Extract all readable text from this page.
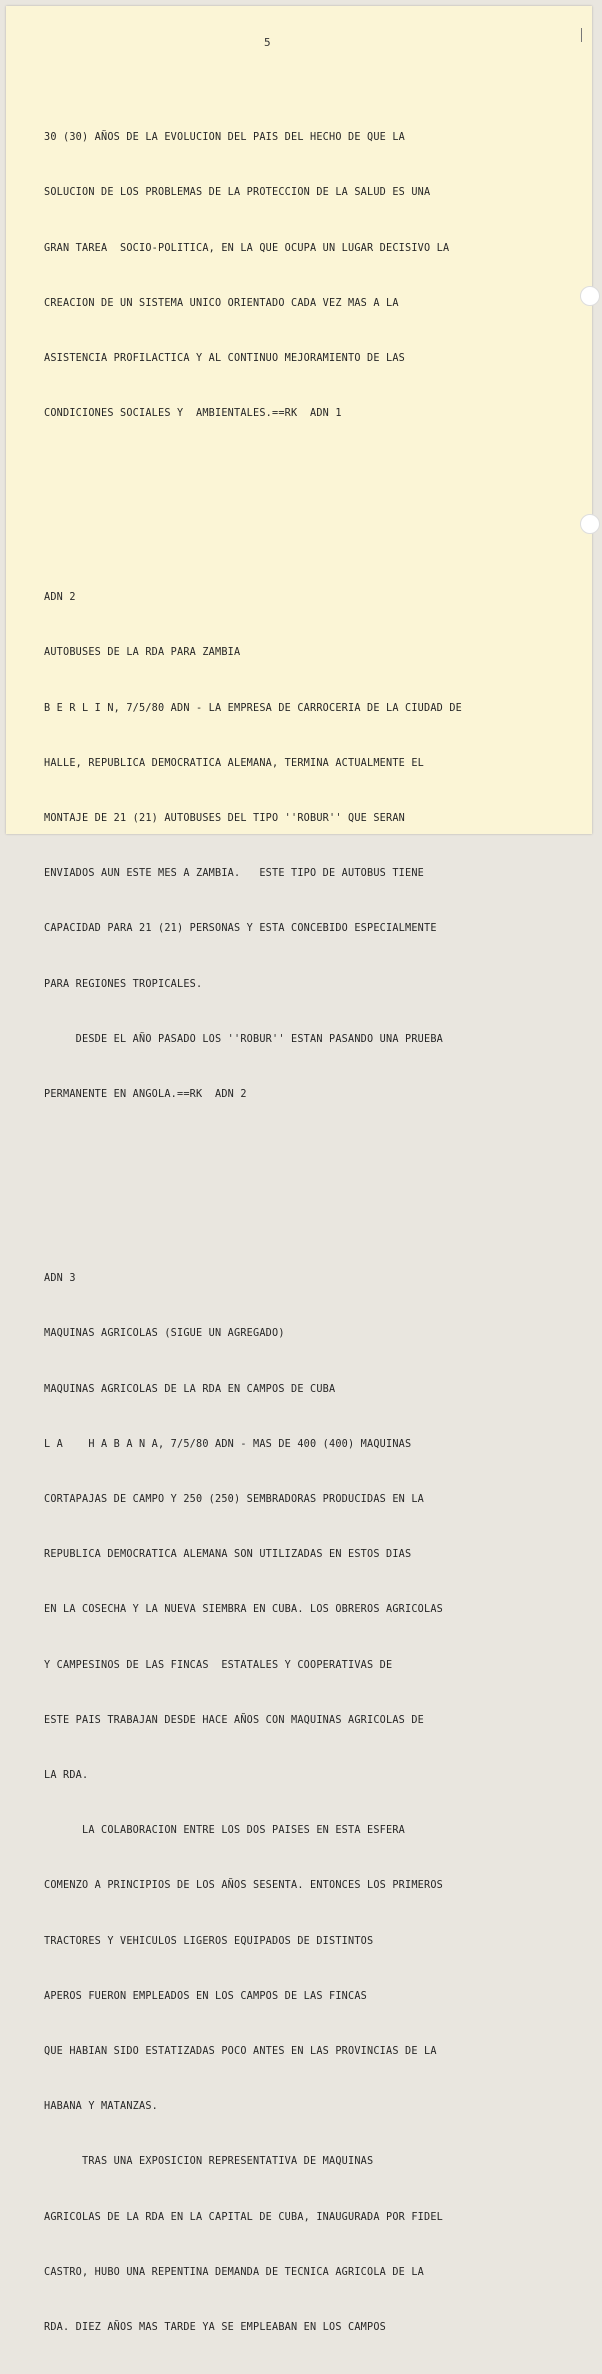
5

30 (30) AÑOS DE LA EVOLUCION DEL PAIS DEL HECHO DE QUE LA

SOLUCION DE LOS PROBLEMAS DE LA PROTECCION DE LA SALUD ES UNA

GRAN TAREA  SOCIO-POLITICA, EN LA QUE OCUPA UN LUGAR DECISIVO LA

CREACION DE UN SISTEMA UNICO ORIENTADO CADA VEZ MAS A LA

ASISTENCIA PROFILACTICA Y AL CONTINUO MEJORAMIENTO DE LAS

CONDICIONES SOCIALES Y  AMBIENTALES.==RK  ADN 1

ADN 2

AUTOBUSES DE LA RDA PARA ZAMBIA

B E R L I N, 7/5/80 ADN - LA EMPRESA DE CARROCERIA DE LA CIUDAD DE

HALLE, REPUBLICA DEMOCRATICA ALEMANA, TERMINA ACTUALMENTE EL

MONTAJE DE 21 (21) AUTOBUSES DEL TIPO ''ROBUR'' QUE SERAN

ENVIADOS AUN ESTE MES A ZAMBIA.   ESTE TIPO DE AUTOBUS TIENE

CAPACIDAD PARA 21 (21) PERSONAS Y ESTA CONCEBIDO ESPECIALMENTE

PARA REGIONES TROPICALES.

DESDE EL AÑO PASADO LOS ''ROBUR'' ESTAN PASANDO UNA PRUEBA

PERMANENTE EN ANGOLA.==RK  ADN 2

ADN 3

MAQUINAS AGRICOLAS (SIGUE UN AGREGADO)

MAQUINAS AGRICOLAS DE LA RDA EN CAMPOS DE CUBA

L A    H A B A N A, 7/5/80 ADN - MAS DE 400 (400) MAQUINAS

CORTAPAJAS DE CAMPO Y 250 (250) SEMBRADORAS PRODUCIDAS EN LA

REPUBLICA DEMOCRATICA ALEMANA SON UTILIZADAS EN ESTOS DIAS

EN LA COSECHA Y LA NUEVA SIEMBRA EN CUBA. LOS OBREROS AGRICOLAS

Y CAMPESINOS DE LAS FINCAS  ESTATALES Y COOPERATIVAS DE

ESTE PAIS TRABAJAN DESDE HACE AÑOS CON MAQUINAS AGRICOLAS DE

LA RDA.

LA COLABORACION ENTRE LOS DOS PAISES EN ESTA ESFERA

COMENZO A PRINCIPIOS DE LOS AÑOS SESENTA. ENTONCES LOS PRIMEROS

TRACTORES Y VEHICULOS LIGEROS EQUIPADOS DE DISTINTOS

APEROS FUERON EMPLEADOS EN LOS CAMPOS DE LAS FINCAS

QUE HABIAN SIDO ESTATIZADAS POCO ANTES EN LAS PROVINCIAS DE LA

HABANA Y MATANZAS.

TRAS UNA EXPOSICION REPRESENTATIVA DE MAQUINAS

AGRICOLAS DE LA RDA EN LA CAPITAL DE CUBA, INAUGURADA POR FIDEL

CASTRO, HUBO UNA REPENTINA DEMANDA DE TECNICA AGRICOLA DE LA

RDA. DIEZ AÑOS MAS TARDE YA SE EMPLEABAN EN LOS CAMPOS
